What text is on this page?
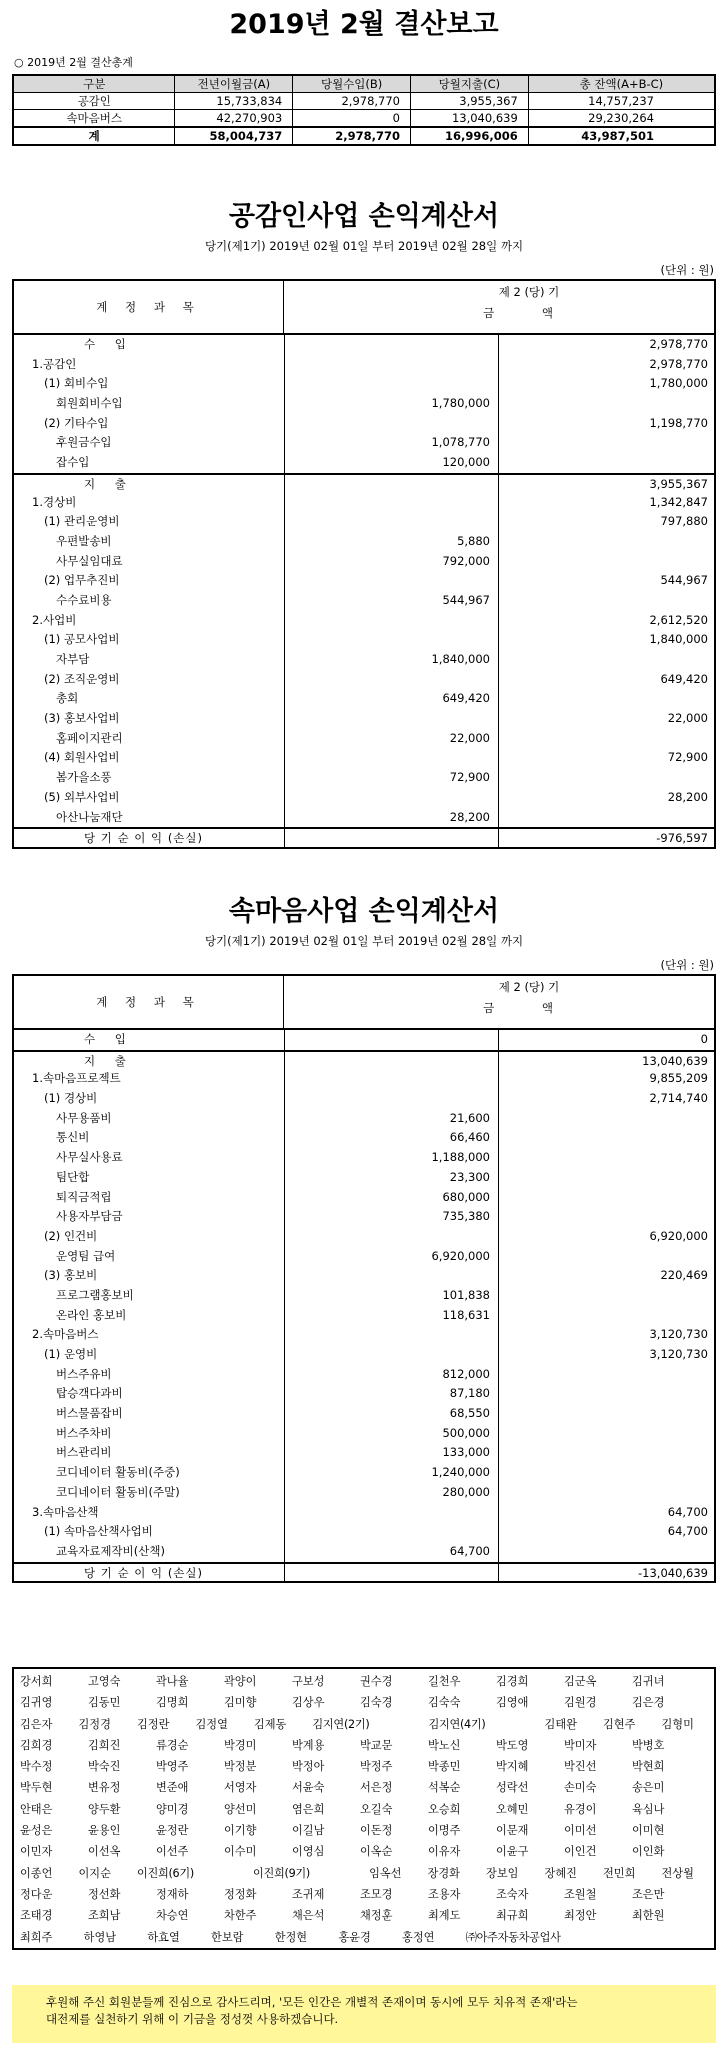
2019년 2월 결산보고
○ 2019년 2월 결산총계
구분	전년이월금(A)	당월수입(B)	당월지출(C)	총 잔액(A+B-C)
공감인	15,733,834	2,978,770	3,955,367	14,757,237
속마음버스	42,270,903	0	13,040,639	29,230,264
계	58,004,737	2,978,770	16,996,006	43,987,501
공감인사업 손익계산서
당기(제1기) 2019년 02월 01일 부터 2019년 02월 28일 까지
(단위 : 원)
계 정 과 목
제 2 (당) 기
금 액
수 입	2,978,770
1.공감인	2,978,770
(1) 회비수입	1,780,000
회원회비수입	1,780,000
(2) 기타수입	1,198,770
후원금수입	1,078,770
잡수입	120,000
지 출	3,955,367
1.경상비	1,342,847
(1) 관리운영비	797,880
우편발송비	5,880
사무실임대료	792,000
(2) 업무추진비	544,967
수수료비용	544,967
2.사업비	2,612,520
(1) 공모사업비	1,840,000
자부담	1,840,000
(2) 조직운영비	649,420
총회	649,420
(3) 홍보사업비	22,000
홈페이지관리	22,000
(4) 회원사업비	72,900
봄가을소풍	72,900
(5) 외부사업비	28,200
아산나눔재단	28,200
당 기 순 이 익 (손실)	-976,597
속마음사업 손익계산서
당기(제1기) 2019년 02월 01일 부터 2019년 02월 28일 까지
(단위 : 원)
계 정 과 목
제 2 (당) 기
금 액
수 입	0
지 출	13,040,639
1.속마음프로젝트	9,855,209
(1) 경상비	2,714,740
사무용품비	21,600
통신비	66,460
사무실사용료	1,188,000
팀단합	23,300
퇴직금적립	680,000
사용자부담금	735,380
(2) 인건비	6,920,000
운영팀 급여	6,920,000
(3) 홍보비	220,469
프로그램홍보비	101,838
온라인 홍보비	118,631
2.속마음버스	3,120,730
(1) 운영비	3,120,730
버스주유비	812,000
탑승객다과비	87,180
버스물품잡비	68,550
버스주차비	500,000
버스관리비	133,000
코디네이터 활동비(주중)	1,240,000
코디네이터 활동비(주말)	280,000
3.속마음산책	64,700
(1) 속마음산책사업비	64,700
교육자료제작비(산책)	64,700
당 기 순 이 익 (손실)	-13,040,639
강서희	고영숙	곽나율	곽양이	구보성	권수경	길천우	김경희	김군옥	김귀녀
김귀영	김동민	김명희	김미향	김상우	김숙경	김숙숙	김영애	김원경	김은경
김은자	김정경	김정란	김정열	김제동	김지연(2기)	김지연(4기)	김태완	김현주	김형미
김희경	김희진	류경순	박경미	박계용	박교문	박노신	박도영	박미자	박병호
박수정	박숙진	박영주	박정분	박정아	박정주	박종민	박지혜	박진선	박현희
박두현	변유정	변준애	서영자	서윤숙	서은정	석복순	성락선	손미숙	송은미
안태은	양두환	양미경	양선미	염은희	오길숙	오승희	오혜민	유경이	육심나
윤성은	윤용인	윤정란	이기향	이길남	이돈정	이명주	이문재	이미선	이미현
이민자	이선옥	이선주	이수미	이영심	이옥순	이유자	이윤구	이인건	이인화
이종언	이지순	이진희(6기)	이진희(9기)	임옥선	장경화	장보임	장혜진	전민희	전상월
정다운	정선화	정재하	정정화	조귀제	조모경	조용자	조숙자	조원철	조은만
조태경	조희남	차승연	차한주	채은석	채정훈	최계도	최규희	최정안	최한원
최희주	하영남	하효열	한보람	한정현	홍윤경	홍정연	㈜아주자동차공업사
후원해 주신 회원분들께 진심으로 감사드리며, '모든 인간은 개별적 존재이며 동시에 모두 치유적 존재'라는
대전제를 실천하기 위해 이 기금을 정성껏 사용하겠습니다.
